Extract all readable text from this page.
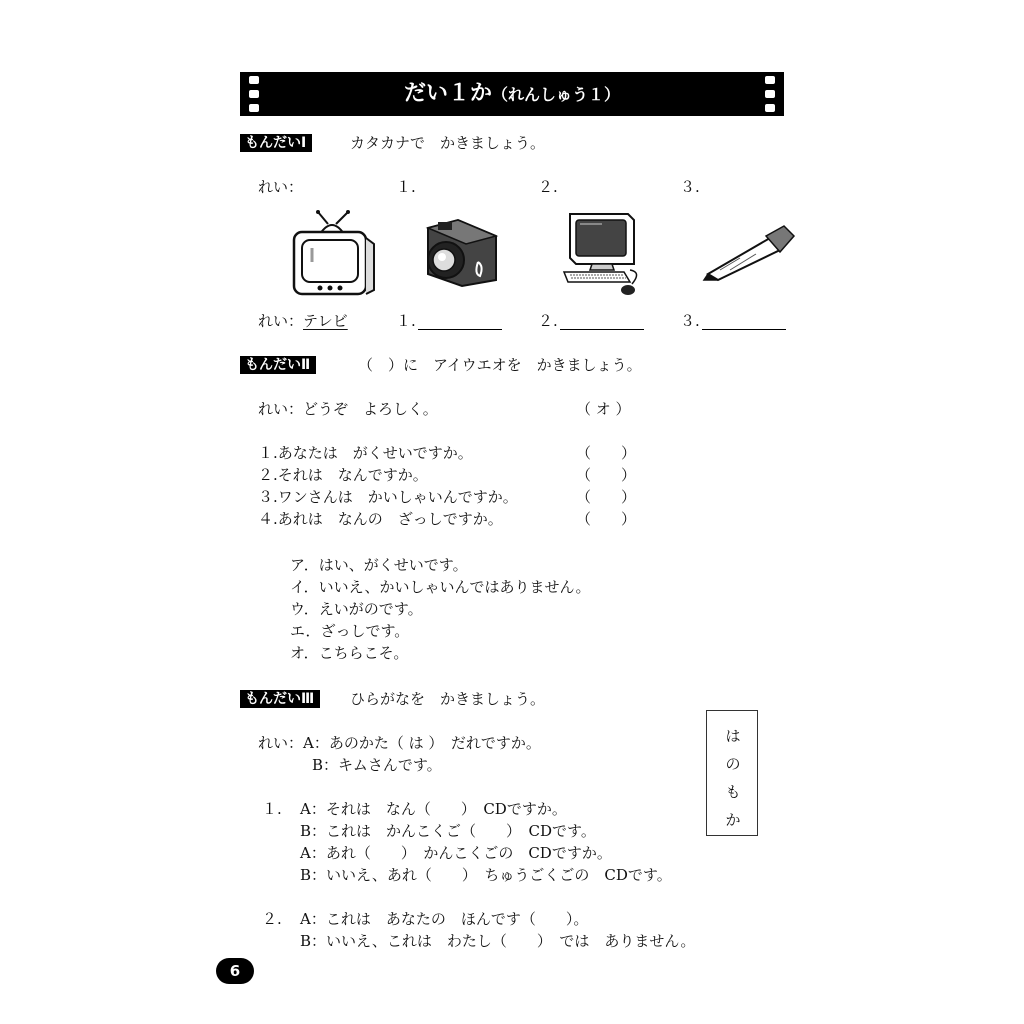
だい１か（れんしゅう１）
もんだいⅠ	カタカナで　かきましょう。
れい：	１.	２.	３.
れい：テレビ	１.	２.	３.
もんだいⅡ	（　）に　アイウエオを　かきましょう。
れい：どうぞ　よろしく。	（ オ ）
１.あなたは　がくせいですか。	（　　）
２.それは　なんですか。	（　　）
３.ワンさんは　かいしゃいんですか。	（　　）
４.あれは　なんの　ざっしですか。	（　　）
ア．はい、がくせいです。
イ．いいえ、かいしゃいんではありません。
ウ．えいがのです。
エ．ざっしです。
オ．こちらこそ。
もんだいⅢ	ひらがなを　かきましょう。
は
の
も
か
れい：A：あのかた（ は ）　だれですか。
B：キムさんです。
１. A：それは　なん（　　）　CDですか。
B：これは　かんこくご（　　）　CDです。
A：あれ（　　）　かんこくごの　CDですか。
B：いいえ、あれ（　　）　ちゅうごくごの　CDです。
２. A：これは　あなたの　ほんです（　　）。
B：いいえ、これは　わたし（　　）　では　ありません。
6
